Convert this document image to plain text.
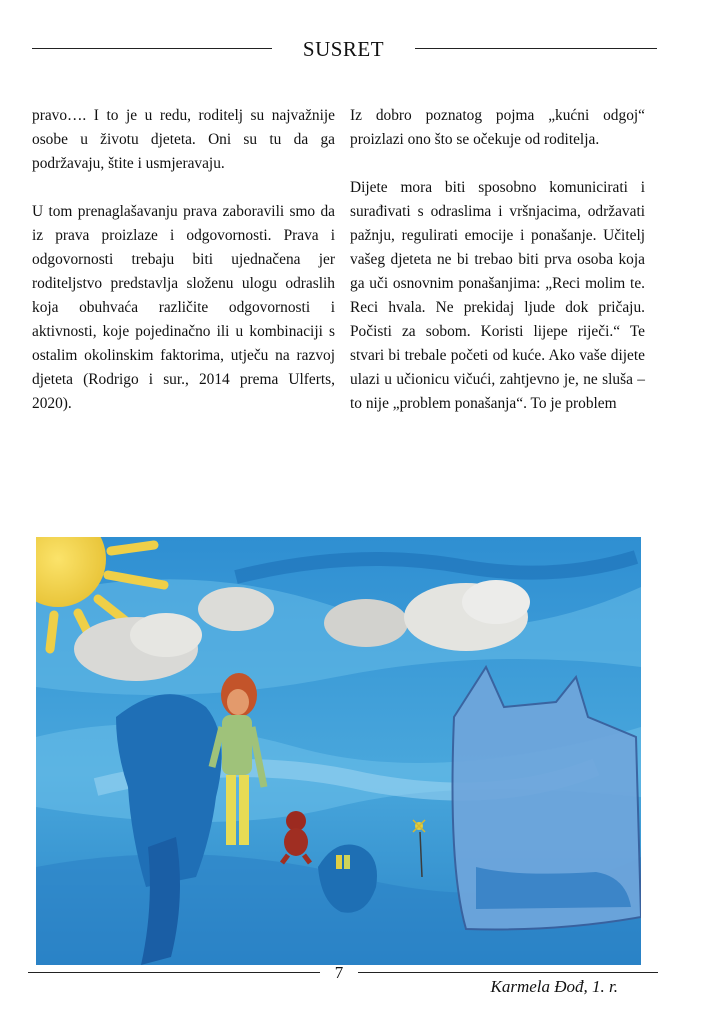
SUSRET

pravo…. I to je u redu, roditelj su najvažnije osobe u životu djeteta. Oni su tu da ga podržavaju, štite i usmjeravaju.

U tom prenaglašavanju prava zaboravili smo da iz prava proizlaze i odgovornosti. Prava i odgovornosti trebaju biti ujednačena jer roditeljstvo predstavlja složenu ulogu odraslih koja obuhvaća različite odgovornosti i aktivnosti, koje pojedinačno ili u kombinaciji s ostalim okolinskim faktorima, utječu na razvoj djeteta (Rodrigo i sur., 2014 prema Ulferts, 2020).

Iz dobro poznatog pojma „kućni odgoj“ proizlazi ono što se očekuje od roditelja.

Dijete mora biti sposobno komunicirati i surađivati s odraslima i vršnjacima, održavati pažnju, regulirati emocije i ponašanje. Učitelj vašeg djeteta ne bi trebao biti prva osoba koja ga uči osnovnim ponašanjima: „Reci molim te. Reci hvala. Ne prekidaj ljude dok pričaju. Počisti za sobom. Koristi lijepe riječi.“ Te stvari bi trebale početi od kuće. Ako vaše dijete ulazi u učionicu vičući, zahtjevno je, ne sluša – to nije „problem ponašanja“. To je problem

7
Karmela Đođ, 1. r.
